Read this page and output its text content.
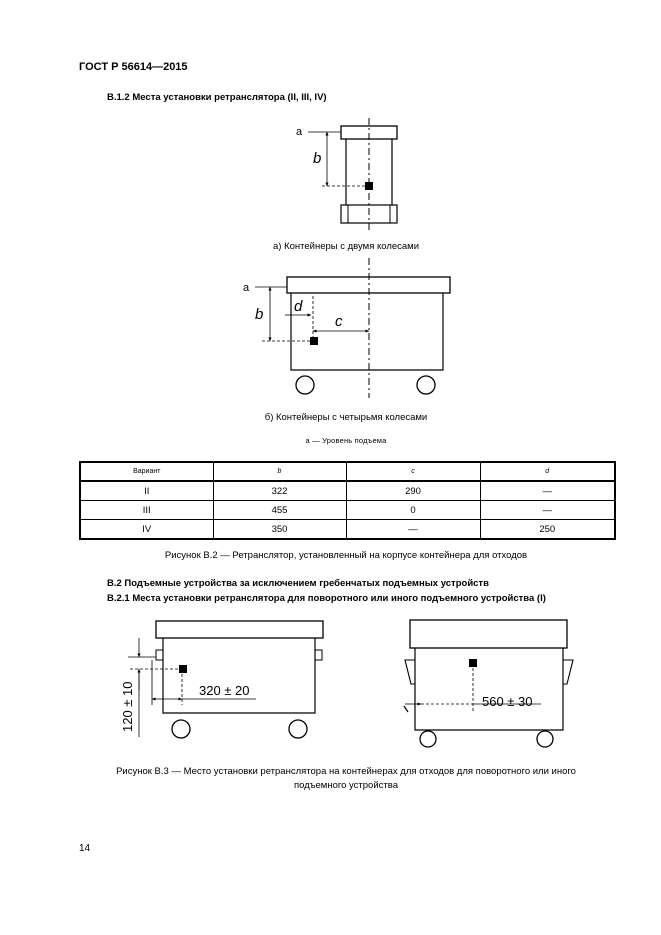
ГОСТ Р 56614—2015
В.1.2 Места установки ретранслятора (II, III, IV)
a
b
a
b d
c
120 ± 10	320 ± 20
560 ± 30
а) Контейнеры с двумя колесами
б) Контейнеры с четырьмя колесами
a — Уровень подъема
Вариант	b	c	d
II	322	290	—
III	455	0	—
IV	350	—	250
Рисунок В.2 — Ретранслятор, установленный на корпусе контейнера для отходов
В.2 Подъемные устройства за исключением гребенчатых подъемных устройств
В.2.1 Места установки ретранслятора для поворотного или иного подъемного устройства (I)
Рисунок В.3 — Место установки ретранслятора на контейнерах для отходов для поворотного или иного
подъемного устройства
14
